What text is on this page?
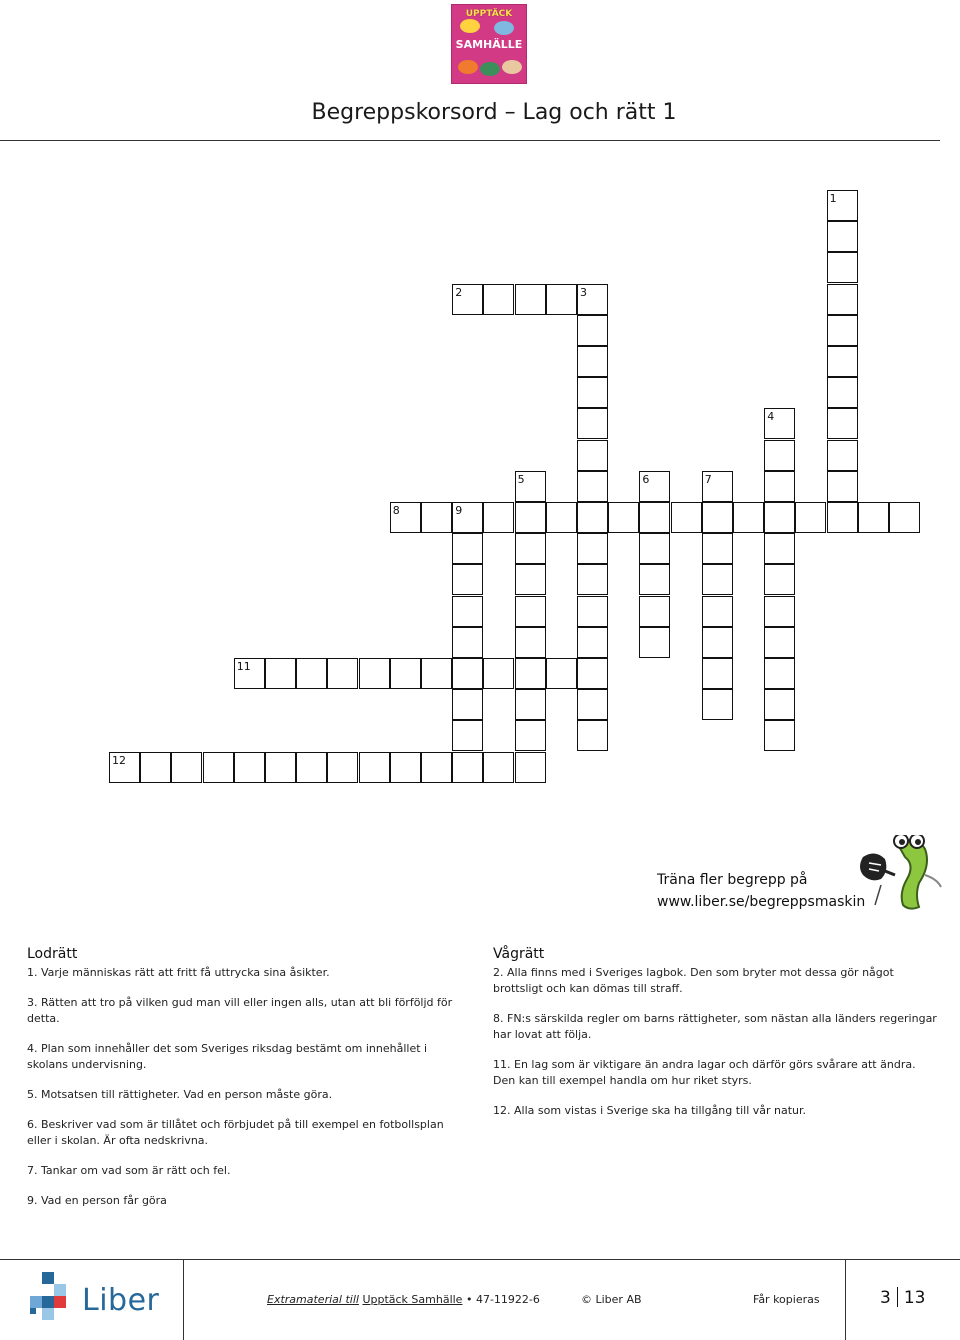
UPPTÄCK
SAMHÄLLE
Begreppskorsord – Lag och rätt 1
1
2	3
4
5	6	7
8	9
11
12
Träna fler begrepp på
www.liber.se/begreppsmaskin
Lodrätt
1. Varje människas rätt att fritt få uttrycka sina åsikter.
3. Rätten att tro på vilken gud man vill eller ingen alls, utan att bli förföljd för detta.
4. Plan som innehåller det som Sveriges riksdag bestämt om innehållet i skolans undervisning.
5. Motsatsen till rättigheter. Vad en person måste göra.
6. Beskriver vad som är tillåtet och förbjudet på till exempel en fotbollsplan eller i skolan. Är ofta nedskrivna.
7. Tankar om vad som är rätt och fel.
9. Vad en person får göra
Vågrätt
2. Alla finns med i Sveriges lagbok. Den som bryter mot dessa gör något brottsligt och kan dömas till straff.
8. FN:s särskilda regler om barns rättigheter, som nästan alla länders regeringar har lovat att följa.
11. En lag som är viktigare än andra lagar och därför görs svårare att ändra. Den kan till exempel handla om hur riket styrs.
12. Alla som vistas i Sverige ska ha tillgång till vår natur.
Liber	Extramaterial till Upptäck Samhälle • 47-11922-6	© Liber AB	Får kopieras	3 13
